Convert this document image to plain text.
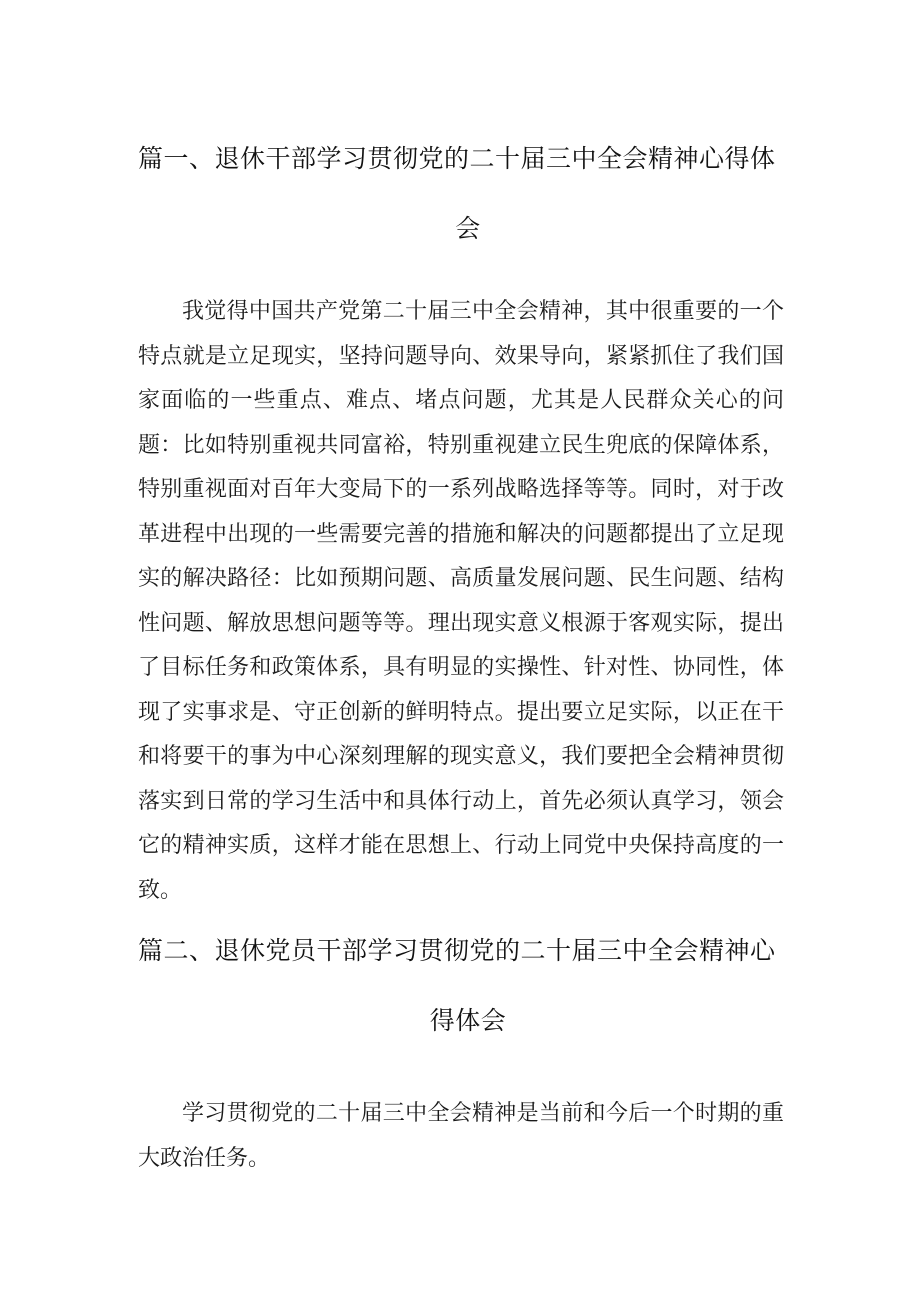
篇一、退休干部学习贯彻党的二十届三中全会精神心得体
会

我觉得中国共产党第二十届三中全会精神，其中很重要的一个特点就是立足现实，坚持问题导向、效果导向，紧紧抓住了我们国家面临的一些重点、难点、堵点问题，尤其是人民群众关心的问题：比如特别重视共同富裕，特别重视建立民生兜底的保障体系，特别重视面对百年大变局下的一系列战略选择等等。同时，对于改革进程中出现的一些需要完善的措施和解决的问题都提出了立足现实的解决路径：比如预期问题、高质量发展问题、民生问题、结构性问题、解放思想问题等等。理出现实意义根源于客观实际，提出了目标任务和政策体系，具有明显的实操性、针对性、协同性，体现了实事求是、守正创新的鲜明特点。提出要立足实际，以正在干和将要干的事为中心深刻理解的现实意义，我们要把全会精神贯彻落实到日常的学习生活中和具体行动上，首先必须认真学习，领会它的精神实质，这样才能在思想上、行动上同党中央保持高度的一致。

篇二、退休党员干部学习贯彻党的二十届三中全会精神心
得体会

学习贯彻党的二十届三中全会精神是当前和今后一个时期的重大政治任务。
